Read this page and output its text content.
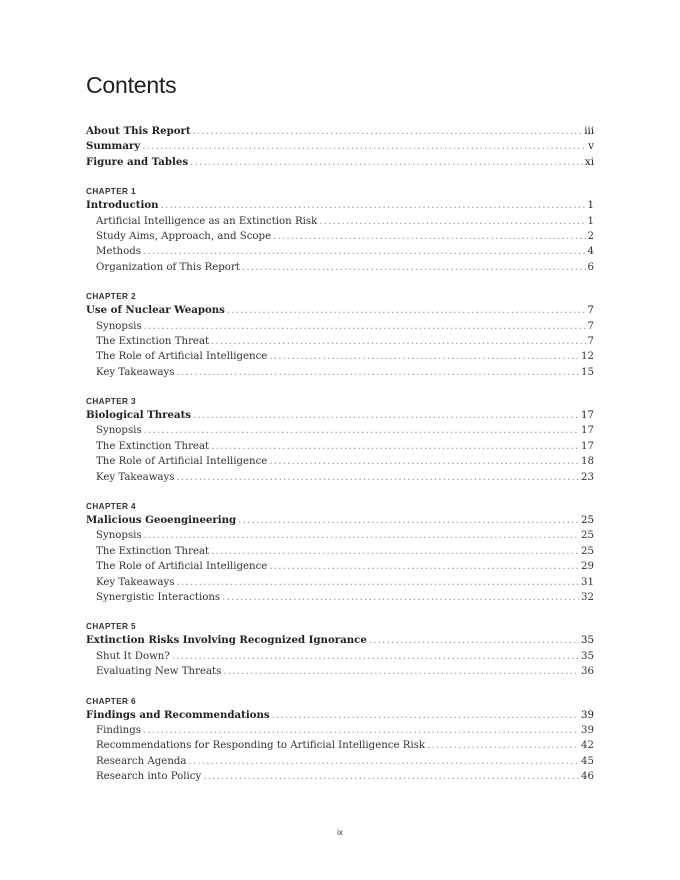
Contents
About This Report .....	iii
Summary .....	v
Figure and Tables .....	xi
CHAPTER 1
Introduction .....	1
Artificial Intelligence as an Extinction Risk .....	1
Study Aims, Approach, and Scope .....	2
Methods .....	4
Organization of This Report .....	6
CHAPTER 2
Use of Nuclear Weapons .....	7
Synopsis .....	7
The Extinction Threat .....	7
The Role of Artificial Intelligence .....	12
Key Takeaways .....	15
CHAPTER 3
Biological Threats .....	17
Synopsis .....	17
The Extinction Threat .....	17
The Role of Artificial Intelligence .....	18
Key Takeaways .....	23
CHAPTER 4
Malicious Geoengineering .....	25
Synopsis .....	25
The Extinction Threat .....	25
The Role of Artificial Intelligence .....	29
Key Takeaways .....	31
Synergistic Interactions .....	32
CHAPTER 5
Extinction Risks Involving Recognized Ignorance .....	35
Shut It Down? .....	35
Evaluating New Threats .....	36
CHAPTER 6
Findings and Recommendations .....	39
Findings .....	39
Recommendations for Responding to Artificial Intelligence Risk .....	42
Research Agenda .....	45
Research into Policy .....	46
ix
